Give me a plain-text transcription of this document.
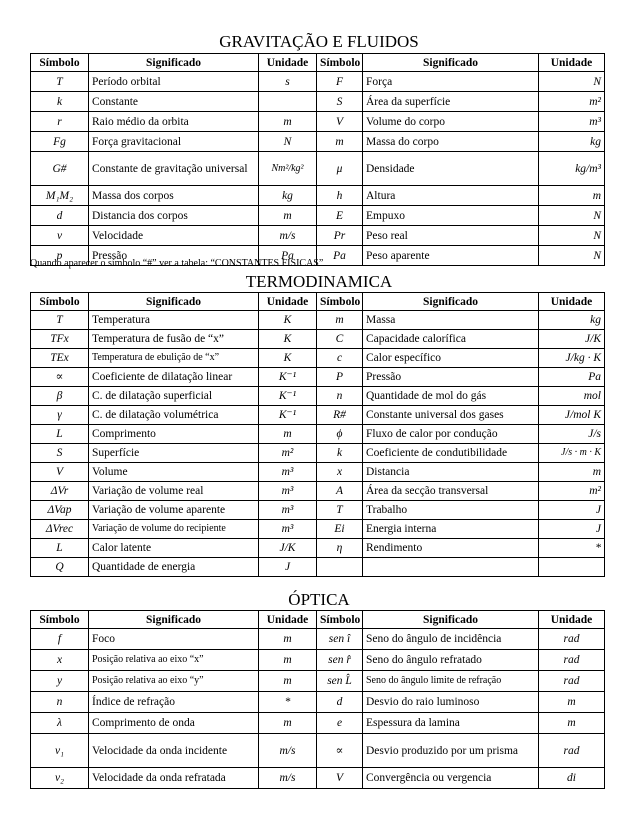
GRAVITAÇÃO E FLUIDOS
Símbolo	Significado	Unidade	Símbolo	Significado	Unidade
T	Período orbital	s	F	Força	N
k	Constante		S	Área da superfície	m²
r	Raio médio da orbita	m	V	Volume do corpo	m³
Fg	Força gravitacional	N	m	Massa do corpo	kg
G#	Constante de gravitação universal	Nm²/kg²	μ	Densidade	kg/m³
M₁M₂	Massa dos corpos	kg	h	Altura	m
d	Distancia dos corpos	m	E	Empuxo	N
v	Velocidade	m/s	Pr	Peso real	N
p	Pressão	Pa	Pa	Peso aparente	N
Quando aparecer o símbolo “#” ver a tabela: “CONSTANTES FISICAS”
TERMODINAMICA
Símbolo	Significado	Unidade	Símbolo	Significado	Unidade
T	Temperatura	K	m	Massa	kg
TFx	Temperatura de fusão de “x”	K	C	Capacidade calorífica	J/K
TEx	Temperatura de ebulição de “x”	K	c	Calor específico	J/kg · K
∝	Coeficiente de dilatação linear	K⁻¹	P	Pressão	Pa
β	C. de dilatação superficial	K⁻¹	n	Quantidade de mol do gás	mol
γ	C. de dilatação volumétrica	K⁻¹	R#	Constante universal dos gases	J/mol K
L	Comprimento	m	ϕ	Fluxo de calor por condução	J/s
S	Superfície	m²	k	Coeficiente de condutibilidade	J/s · m · K
V	Volume	m³	x	Distancia	m
ΔVr	Variação de volume real	m³	A	Área da secção transversal	m²
ΔVap	Variação de volume aparente	m³	T	Trabalho	J
ΔVrec	Variação de volume do recipiente	m³	Ei	Energia interna	J
L	Calor latente	J/K	η	Rendimento	*
Q	Quantidade de energia	J			
ÓPTICA
Símbolo	Significado	Unidade	Símbolo	Significado	Unidade
f	Foco	m	sen î	Seno do ângulo de incidência	rad
x	Posição relativa ao eixo “x”	m	sen r̂	Seno do ângulo refratado	rad
y	Posição relativa ao eixo “y”	m	sen L̂	Seno do ângulo limite de refração	rad
n	Índice de refração	*	d	Desvio do raio luminoso	m
λ	Comprimento de onda	m	e	Espessura da lamina	m
v₁	Velocidade da onda incidente	m/s	∝	Desvio produzido por um prisma	rad
v₂	Velocidade da onda refratada	m/s	V	Convergência ou vergencia	di
